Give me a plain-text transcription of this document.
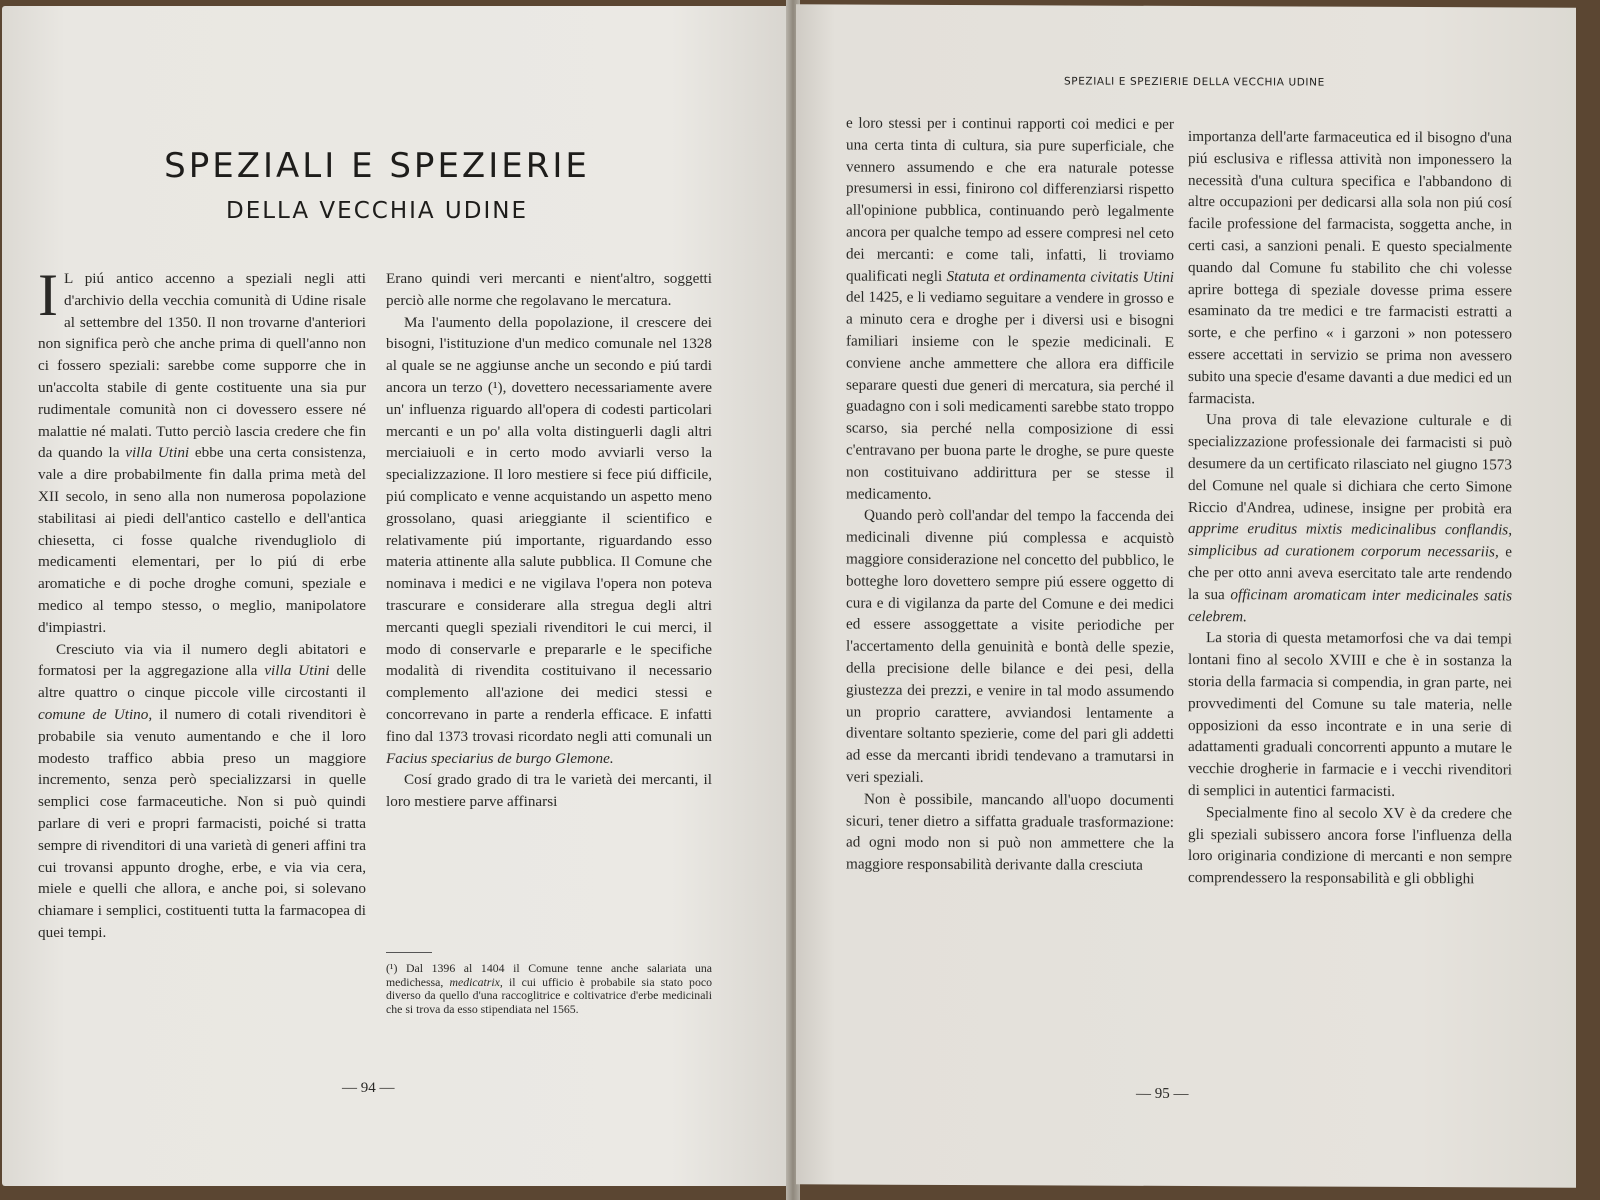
SPEZIALI E SPEZIERIE
DELLA VECCHIA UDINE

I L piú antico accenno a speziali negli atti d'archivio della vecchia comunità di Udine risale al settembre del 1350. Il non trovarne d'anteriori non significa però che anche prima di quell'anno non ci fossero speziali: sarebbe come supporre che in un'accolta stabile di gente costituente una sia pur rudimentale comunità non ci dovessero essere né malattie né malati. Tutto perciò lascia credere che fin da quando la villa Utini ebbe una certa consistenza, vale a dire probabilmente fin dalla prima metà del XII secolo, in seno alla non numerosa popolazione stabilitasi ai piedi dell'antico castello e dell'antica chiesetta, ci fosse qualche rivendugliolo di medicamenti elementari, per lo piú di erbe aromatiche e di poche droghe comuni, speziale e medico al tempo stesso, o meglio, manipolatore d'impiastri.

Cresciuto via via il numero degli abitatori e formatosi per la aggregazione alla villa Utini delle altre quattro o cinque piccole ville circostanti il comune de Utino, il numero di cotali rivenditori è probabile sia venuto aumentando e che il loro modesto traffico abbia preso un maggiore incremento, senza però specializzarsi in quelle semplici cose farmaceutiche. Non si può quindi parlare di veri e propri farmacisti, poiché si tratta sempre di rivenditori di una varietà di generi affini tra cui trovansi appunto droghe, erbe, e via via cera, miele e quelli che allora, e anche poi, si solevano chiamare i semplici, costituenti tutta la farmacopea di quei tempi.

Erano quindi veri mercanti e nient'altro, soggetti perciò alle norme che regolavano le mercatura.

Ma l'aumento della popolazione, il crescere dei bisogni, l'istituzione d'un medico comunale nel 1328 al quale se ne aggiunse anche un secondo e piú tardi ancora un terzo (¹), dovettero necessariamente avere un' influenza riguardo all'opera di codesti particolari mercanti e un po' alla volta distinguerli dagli altri merciaiuoli e in certo modo avviarli verso la specializzazione. Il loro mestiere si fece piú difficile, piú complicato e venne acquistando un aspetto meno grossolano, quasi arieggiante il scientifico e relativamente piú importante, riguardando esso materia attinente alla salute pubblica. Il Comune che nominava i medici e ne vigilava l'opera non poteva trascurare e considerare alla stregua degli altri mercanti quegli speziali rivenditori le cui merci, il modo di conservarle e prepararle e le specifiche modalità di rivendita costituivano il necessario complemento all'azione dei medici stessi e concorrevano in parte a renderla efficace. E infatti fino dal 1373 trovasi ricordato negli atti comunali un Facius speciarius de burgo Glemone.

Cosí grado grado di tra le varietà dei mercanti, il loro mestiere parve affinarsi

(¹) Dal 1396 al 1404 il Comune tenne anche salariata una medichessa, medicatrix, il cui ufficio è probabile sia stato poco diverso da quello d'una raccoglitrice e coltivatrice d'erbe medicinali che si trova da esso stipendiata nel 1565.
— 94 —
SPEZIALI E SPEZIERIE DELLA VECCHIA UDINE

e loro stessi per i continui rapporti coi medici e per una certa tinta di cultura, sia pure superficiale, che vennero assumendo e che era naturale potesse presumersi in essi, finirono col differenziarsi rispetto all'opinione pubblica, continuando però legalmente ancora per qualche tempo ad essere compresi nel ceto dei mercanti: e come tali, infatti, li troviamo qualificati negli Statuta et ordinamenta civitatis Utini del 1425, e li vediamo seguitare a vendere in grosso e a minuto cera e droghe per i diversi usi e bisogni familiari insieme con le spezie medicinali. E conviene anche ammettere che allora era difficile separare questi due generi di mercatura, sia perché il guadagno con i soli medicamenti sarebbe stato troppo scarso, sia perché nella composizione di essi c'entravano per buona parte le droghe, se pure queste non costituivano addirittura per se stesse il medicamento.

Quando però coll'andar del tempo la faccenda dei medicinali divenne piú complessa e acquistò maggiore considerazione nel concetto del pubblico, le botteghe loro dovettero sempre piú essere oggetto di cura e di vigilanza da parte del Comune e dei medici ed essere assoggettate a visite periodiche per l'accertamento della genuinità e bontà delle spezie, della precisione delle bilance e dei pesi, della giustezza dei prezzi, e venire in tal modo assumendo un proprio carattere, avviandosi lentamente a diventare soltanto spezierie, come del pari gli addetti ad esse da mercanti ibridi tendevano a tramutarsi in veri speziali.

Non è possibile, mancando all'uopo documenti sicuri, tener dietro a siffatta graduale trasformazione: ad ogni modo non si può non ammettere che la maggiore responsabilità derivante dalla cresciuta

importanza dell'arte farmaceutica ed il bisogno d'una piú esclusiva e riflessa attività non imponessero la necessità d'una cultura specifica e l'abbandono di altre occupazioni per dedicarsi alla sola non piú cosí facile professione del farmacista, soggetta anche, in certi casi, a sanzioni penali. E questo specialmente quando dal Comune fu stabilito che chi volesse aprire bottega di speziale dovesse prima essere esaminato da tre medici e tre farmacisti estratti a sorte, e che perfino « i garzoni » non potessero essere accettati in servizio se prima non avessero subito una specie d'esame davanti a due medici ed un farmacista.

Una prova di tale elevazione culturale e di specializzazione professionale dei farmacisti si può desumere da un certificato rilasciato nel giugno 1573 del Comune nel quale si dichiara che certo Simone Riccio d'Andrea, udinese, insigne per probità era apprime eruditus mixtis medicinalibus conflandis, simplicibus ad curationem corporum necessariis, e che per otto anni aveva esercitato tale arte rendendo la sua officinam aromaticam inter medicinales satis celebrem.

La storia di questa metamorfosi che va dai tempi lontani fino al secolo XVIII e che è in sostanza la storia della farmacia si compendia, in gran parte, nei provvedimenti del Comune su tale materia, nelle opposizioni da esso incontrate e in una serie di adattamenti graduali concorrenti appunto a mutare le vecchie drogherie in farmacie e i vecchi rivenditori di semplici in autentici farmacisti.

Specialmente fino al secolo XV è da credere che gli speziali subissero ancora forse l'influenza della loro originaria condizione di mercanti e non sempre comprendessero la responsabilità e gli obblighi

— 95 —
